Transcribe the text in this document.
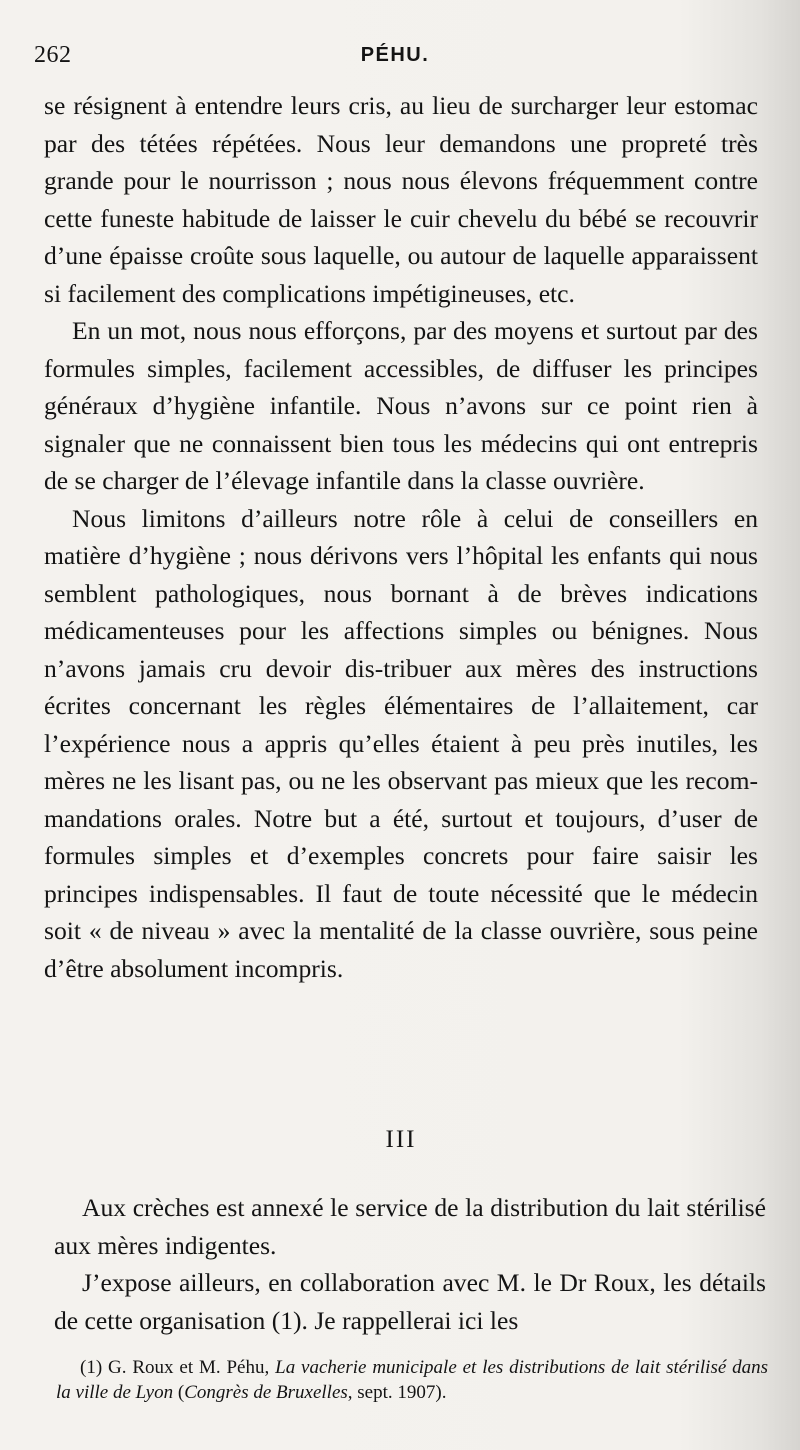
262	PÉHU.

se résignent à entendre leurs cris, au lieu de surcharger leur estomac par des tétées répétées. Nous leur demandons une propreté très grande pour le nourrisson ; nous nous élevons fréquemment contre cette funeste habitude de laisser le cuir chevelu du bébé se recouvrir d’une épaisse croûte sous laquelle, ou autour de laquelle apparaissent si facilement des complications impétigineuses, etc.

En un mot, nous nous efforçons, par des moyens et surtout par des formules simples, facilement accessibles, de diffuser les principes généraux d’hygiène infantile. Nous n’avons sur ce point rien à signaler que ne connaissent bien tous les médecins qui ont entrepris de se charger de l’élevage infantile dans la classe ouvrière.

Nous limitons d’ailleurs notre rôle à celui de conseillers en matière d’hygiène ; nous dérivons vers l’hôpital les enfants qui nous semblent pathologiques, nous bornant à de brèves indications médicamenteuses pour les affections simples ou bénignes. Nous n’avons jamais cru devoir dis-tribuer aux mères des instructions écrites concernant les règles élémentaires de l’allaitement, car l’expérience nous a appris qu’elles étaient à peu près inutiles, les mères ne les lisant pas, ou ne les observant pas mieux que les recom-mandations orales. Notre but a été, surtout et toujours, d’user de formules simples et d’exemples concrets pour faire saisir les principes indispensables. Il faut de toute nécessité que le médecin soit « de niveau » avec la mentalité de la classe ouvrière, sous peine d’être absolument incompris.

III

Aux crèches est annexé le service de la distribution du lait stérilisé aux mères indigentes.

J’expose ailleurs, en collaboration avec M. le Dr Roux, les détails de cette organisation (1). Je rappellerai ici les

(1) G. Roux et M. Péhu, La vacherie municipale et les distributions de lait stérilisé dans la ville de Lyon (Congrès de Bruxelles, sept. 1907).
